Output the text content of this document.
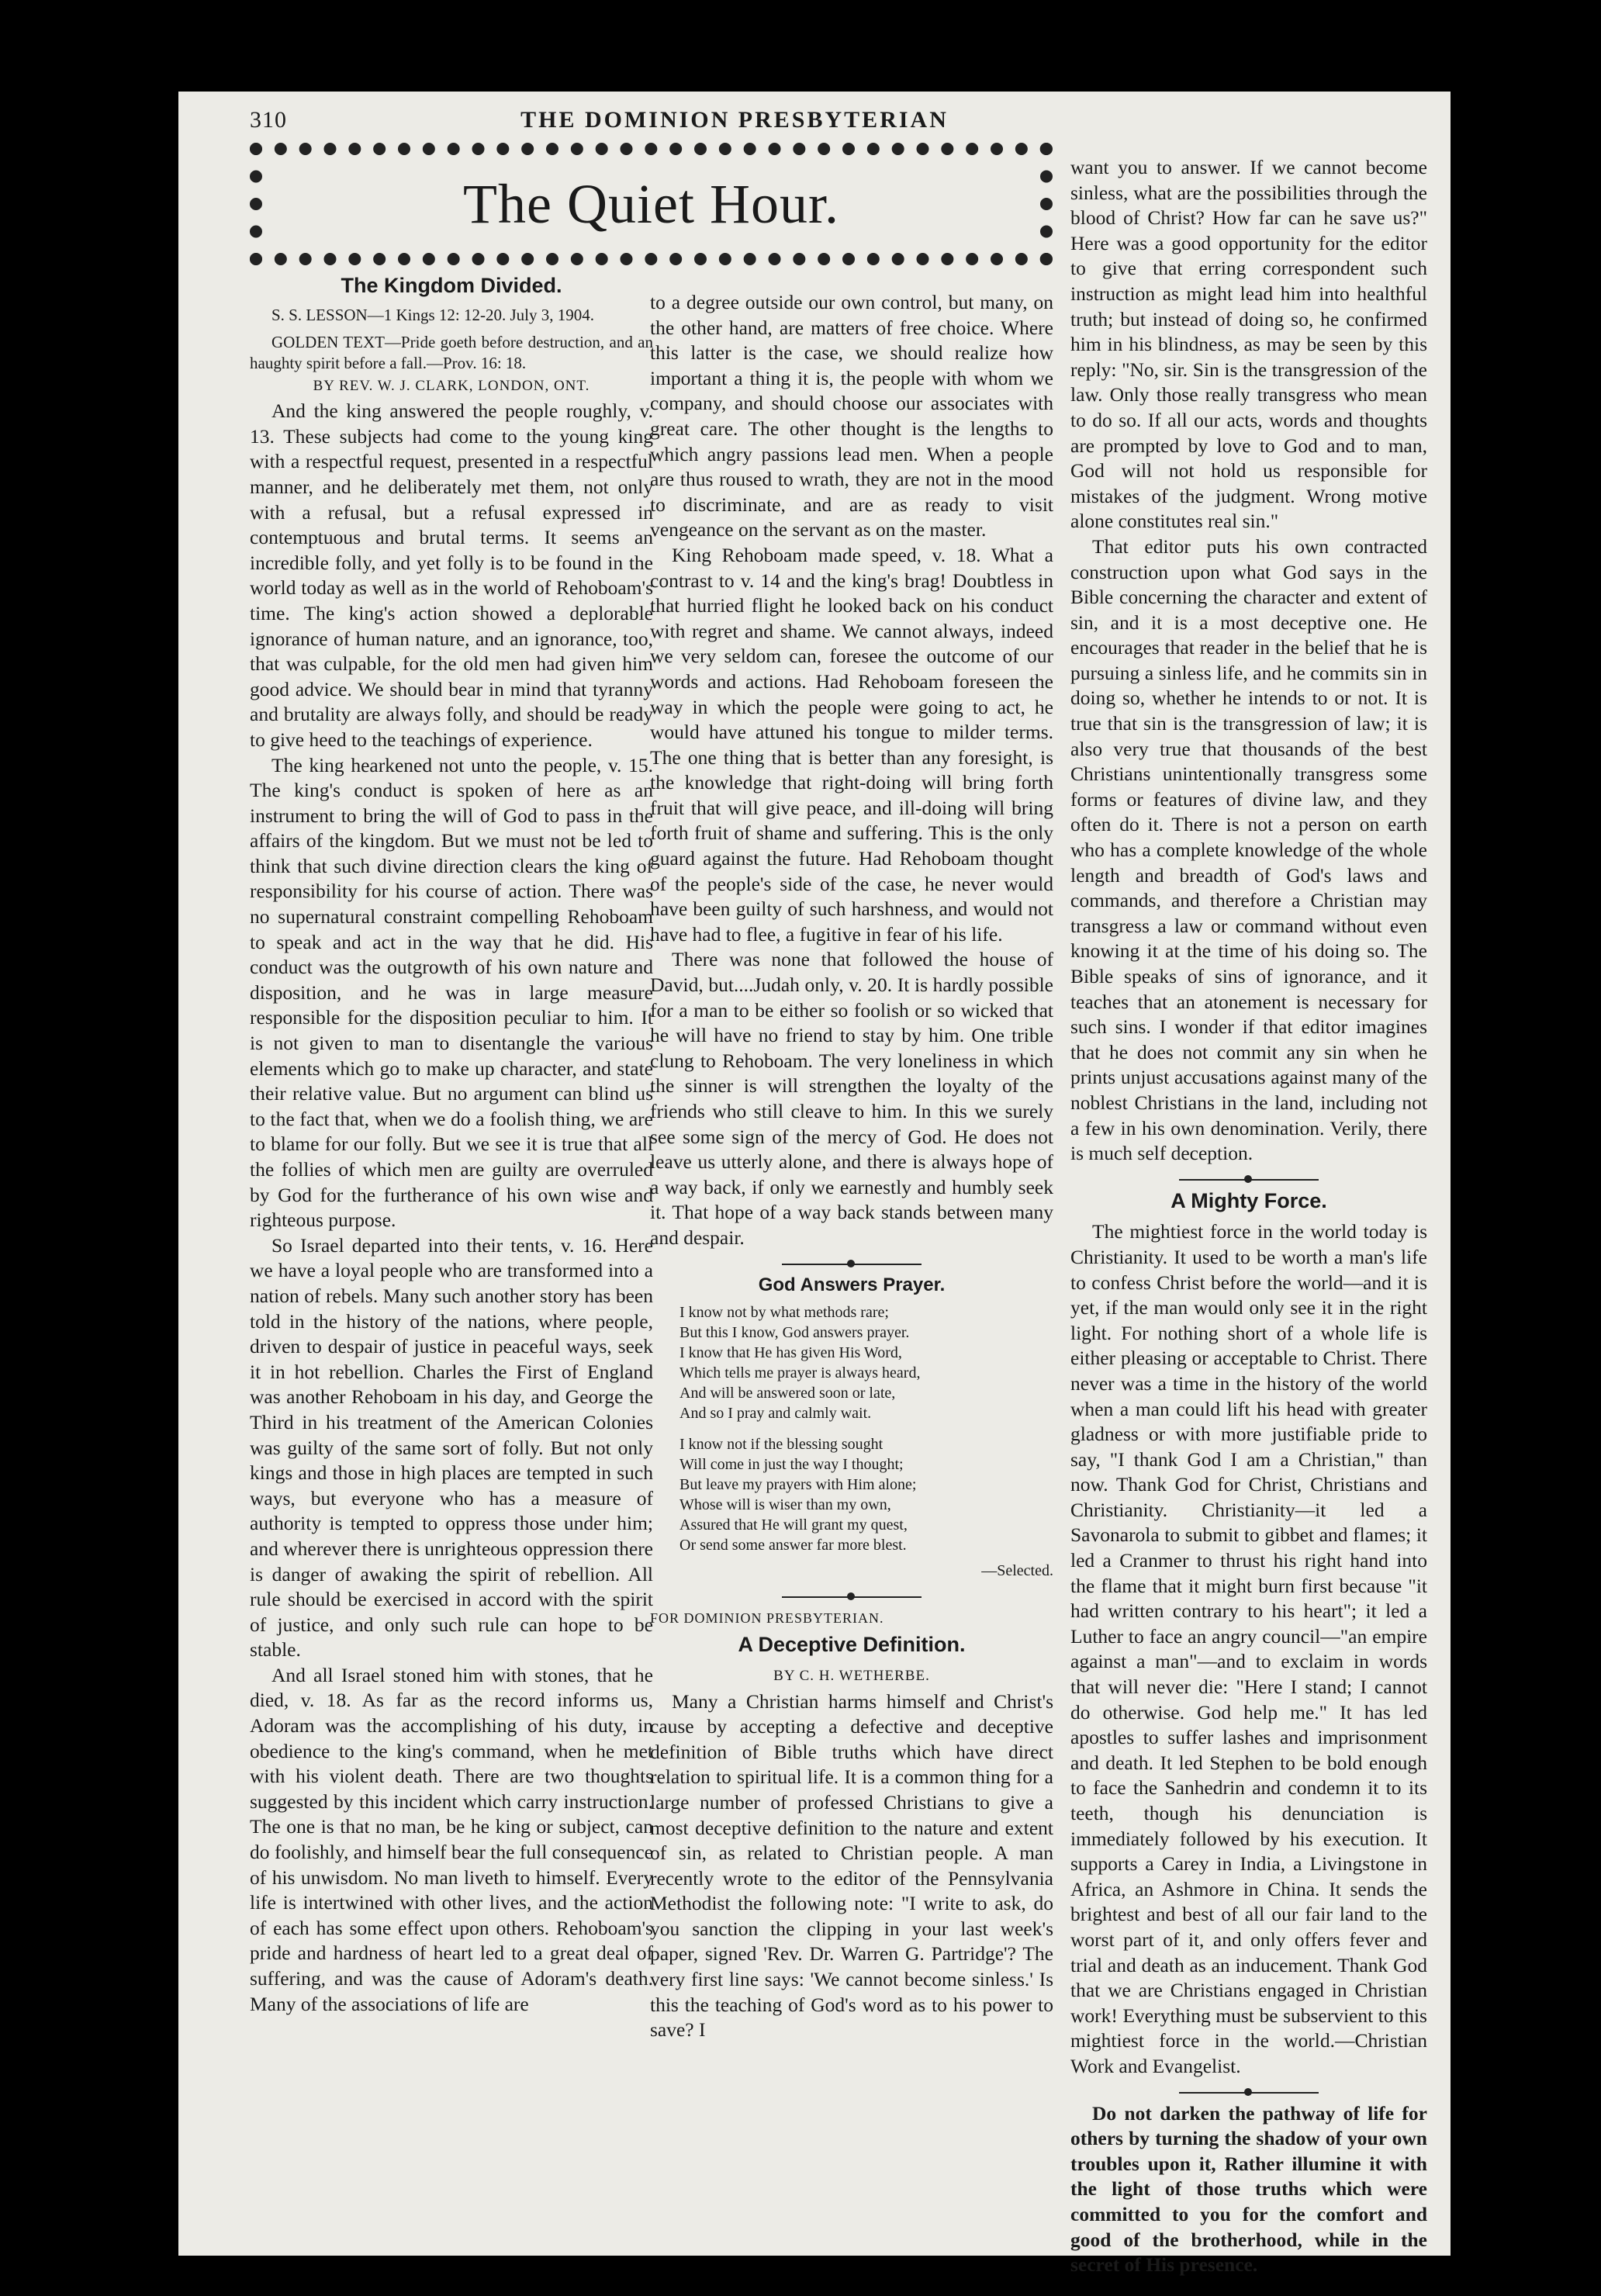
310	THE DOMINION PRESBYTERIAN
The Quiet Hour.
The Kingdom Divided.

S. S. LESSON—1 Kings 12: 12-20. July 3, 1904.

GOLDEN TEXT—Pride goeth before destruction, and an haughty spirit before a fall.—Prov. 16: 18.

BY REV. W. J. CLARK, LONDON, ONT.

And the king answered the people roughly, v. 13. These subjects had come to the young king with a respectful request, presented in a respectful manner, and he deliberately met them, not only with a refusal, but a refusal expressed in contemptuous and brutal terms. It seems an incredible folly, and yet folly is to be found in the world today as well as in the world of Rehoboam's time. The king's action showed a deplorable ignorance of human nature, and an ignorance, too, that was culpable, for the old men had given him good advice. We should bear in mind that tyranny and brutality are always folly, and should be ready to give heed to the teachings of experience.

The king hearkened not unto the people, v. 15. The king's conduct is spoken of here as an instrument to bring the will of God to pass in the affairs of the kingdom. But we must not be led to think that such divine direction clears the king of responsibility for his course of action. There was no supernatural constraint compelling Rehoboam to speak and act in the way that he did. His conduct was the outgrowth of his own nature and disposition, and he was in large measure responsible for the disposition peculiar to him. It is not given to man to disentangle the various elements which go to make up character, and state their relative value. But no argument can blind us to the fact that, when we do a foolish thing, we are to blame for our folly. But we see it is true that all the follies of which men are guilty are overruled by God for the furtherance of his own wise and righteous purpose.

So Israel departed into their tents, v. 16. Here we have a loyal people who are transformed into a nation of rebels. Many such another story has been told in the history of the nations, where people, driven to despair of justice in peaceful ways, seek it in hot rebellion. Charles the First of England was another Rehoboam in his day, and George the Third in his treatment of the American Colonies was guilty of the same sort of folly. But not only kings and those in high places are tempted in such ways, but everyone who has a measure of authority is tempted to oppress those under him; and wherever there is unrighteous oppression there is danger of awaking the spirit of rebellion. All rule should be exercised in accord with the spirit of justice, and only such rule can hope to be stable.

And all Israel stoned him with stones, that he died, v. 18. As far as the record informs us, Adoram was the accomplishing of his duty, in obedience to the king's command, when he met with his violent death. There are two thoughts suggested by this incident which carry instruction. The one is that no man, be he king or subject, can do foolishly, and himself bear the full consequence of his unwisdom. No man liveth to himself. Every life is intertwined with other lives, and the action of each has some effect upon others. Rehoboam's pride and hardness of heart led to a great deal of suffering, and was the cause of Adoram's death. Many of the associations of life are

to a degree outside our own control, but many, on the other hand, are matters of free choice. Where this latter is the case, we should realize how important a thing it is, the people with whom we company, and should choose our associates with great care. The other thought is the lengths to which angry passions lead men. When a people are thus roused to wrath, they are not in the mood to discriminate, and are as ready to visit vengeance on the servant as on the master.

King Rehoboam made speed, v. 18. What a contrast to v. 14 and the king's brag! Doubtless in that hurried flight he looked back on his conduct with regret and shame. We cannot always, indeed we very seldom can, foresee the outcome of our words and actions. Had Rehoboam foreseen the way in which the people were going to act, he would have attuned his tongue to milder terms. The one thing that is better than any foresight, is the knowledge that right-doing will bring forth fruit that will give peace, and ill-doing will bring forth fruit of shame and suffering. This is the only guard against the future. Had Rehoboam thought of the people's side of the case, he never would have been guilty of such harshness, and would not have had to flee, a fugitive in fear of his life.

There was none that followed the house of David, but....Judah only, v. 20. It is hardly possible for a man to be either so foolish or so wicked that he will have no friend to stay by him. One trible clung to Rehoboam. The very loneliness in which the sinner is will strengthen the loyalty of the friends who still cleave to him. In this we surely see some sign of the mercy of God. He does not leave us utterly alone, and there is always hope of a way back, if only we earnestly and humbly seek it. That hope of a way back stands between many and despair.

God Answers Prayer.
I know not by what methods rare;
But this I know, God answers prayer.
I know that He has given His Word,
Which tells me prayer is always heard,
And will be answered soon or late,
And so I pray and calmly wait.
I know not if the blessing sought
Will come in just the way I thought;
But leave my prayers with Him alone;
Whose will is wiser than my own,
Assured that He will grant my quest,
Or send some answer far more blest.
—Selected.
FOR DOMINION PRESBYTERIAN.
A Deceptive Definition.

BY C. H. WETHERBE.

Many a Christian harms himself and Christ's cause by accepting a defective and deceptive definition of Bible truths which have direct relation to spiritual life. It is a common thing for a large number of professed Christians to give a most deceptive definition to the nature and extent of sin, as related to Christian people. A man recently wrote to the editor of the Pennsylvania Methodist the following note: "I write to ask, do you sanction the clipping in your last week's paper, signed 'Rev. Dr. Warren G. Partridge'? The very first line says: 'We cannot become sinless.' Is this the teaching of God's word as to his power to save? I

want you to answer. If we cannot become sinless, what are the possibilities through the blood of Christ? How far can he save us?" Here was a good opportunity for the editor to give that erring correspondent such instruction as might lead him into healthful truth; but instead of doing so, he confirmed him in his blindness, as may be seen by this reply: "No, sir. Sin is the transgression of the law. Only those really transgress who mean to do so. If all our acts, words and thoughts are prompted by love to God and to man, God will not hold us responsible for mistakes of the judgment. Wrong motive alone constitutes real sin."

That editor puts his own contracted construction upon what God says in the Bible concerning the character and extent of sin, and it is a most deceptive one. He encourages that reader in the belief that he is pursuing a sinless life, and he commits sin in doing so, whether he intends to or not. It is true that sin is the transgression of law; it is also very true that thousands of the best Christians unintentionally transgress some forms or features of divine law, and they often do it. There is not a person on earth who has a complete knowledge of the whole length and breadth of God's laws and commands, and therefore a Christian may transgress a law or command without even knowing it at the time of his doing so. The Bible speaks of sins of ignorance, and it teaches that an atonement is necessary for such sins. I wonder if that editor imagines that he does not commit any sin when he prints unjust accusations against many of the noblest Christians in the land, including not a few in his own denomination. Verily, there is much self deception.

A Mighty Force.

The mightiest force in the world today is Christianity. It used to be worth a man's life to confess Christ before the world—and it is yet, if the man would only see it in the right light. For nothing short of a whole life is either pleasing or acceptable to Christ. There never was a time in the history of the world when a man could lift his head with greater gladness or with more justifiable pride to say, "I thank God I am a Christian," than now. Thank God for Christ, Christians and Christianity. Christianity—it led a Savonarola to submit to gibbet and flames; it led a Cranmer to thrust his right hand into the flame that it might burn first because "it had written contrary to his heart"; it led a Luther to face an angry council—"an empire against a man"—and to exclaim in words that will never die: "Here I stand; I cannot do otherwise. God help me." It has led apostles to suffer lashes and imprisonment and death. It led Stephen to be bold enough to face the Sanhedrin and condemn it to its teeth, though his denunciation is immediately followed by his execution. It supports a Carey in India, a Livingstone in Africa, an Ashmore in China. It sends the brightest and best of all our fair land to the worst part of it, and only offers fever and trial and death as an inducement. Thank God that we are Christians engaged in Christian work! Everything must be subservient to this mightiest force in the world.—Christian Work and Evangelist.

Do not darken the pathway of life for others by turning the shadow of your own troubles upon it, Rather illumine it with the light of those truths which were committed to you for the comfort and good of the brotherhood, while in the secret of His presence.
